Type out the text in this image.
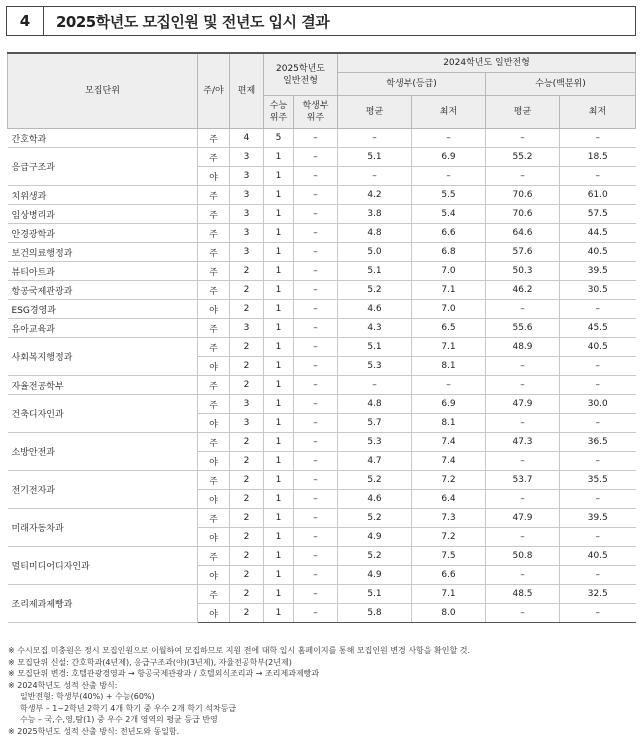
4	2025학년도 모집인원 및 전년도 입시 결과
모집단위	주/야	편제	2025학년도 일반전형		2024학년도 일반전형			
					학생부(등급)		수능(백분위)	
			수능 위주	학생부 위주	평균	최저	평균	최저
간호학과	주	4	5	–	–	–	–	–
응급구조과	주	3	1	–	5.1	6.9	55.2	18.5
	야	3	1	–	–	–	–	–
치위생과	주	3	1	–	4.2	5.5	70.6	61.0
임상병리과	주	3	1	–	3.8	5.4	70.6	57.5
안경광학과	주	3	1	–	4.8	6.6	64.6	44.5
보건의료행정과	주	3	1	–	5.0	6.8	57.6	40.5
뷰티아트과	주	2	1	–	5.1	7.0	50.3	39.5
항공국제관광과	주	2	1	–	5.2	7.1	46.2	30.5
ESG경영과	야	2	1	–	4.6	7.0	–	–
유아교육과	주	3	1	–	4.3	6.5	55.6	45.5
사회복지행정과	주	2	1	–	5.1	7.1	48.9	40.5
	야	2	1	–	5.3	8.1	–	–
자율전공학부	주	2	1	–	–	–	–	–
건축디자인과	주	3	1	–	4.8	6.9	47.9	30.0
	야	3	1	–	5.7	8.1	–	–
소방안전과	주	2	1	–	5.3	7.4	47.3	36.5
	야	2	1	–	4.7	7.4	–	–
전기전자과	주	2	1	–	5.2	7.2	53.7	35.5
	야	2	1	–	4.6	6.4	–	–
미래자동차과	주	2	1	–	5.2	7.3	47.9	39.5
	야	2	1	–	4.9	7.2	–	–
멀티미디어디자인과	주	2	1	–	5.2	7.5	50.8	40.5
	야	2	1	–	4.9	6.6	–	–
조리제과제빵과	주	2	1	–	5.1	7.1	48.5	32.5
	야	2	1	–	5.8	8.0	–	–
※ 수시모집 미충원은 정시 모집인원으로 이월하여 모집하므로 지원 전에 대학 입시 홈페이지를 통해 모집인원 변경 사항을 확인할 것.
※ 모집단위 신설: 간호학과(4년제), 응급구조과(야)(3년제), 자율전공학부(2년제)
※ 모집단위 변경: 호텔관광경영과 → 항공국제관광과 / 호텔외식조리과 → 조리제과제빵과
※ 2024학년도 성적 산출 방식:
일반전형: 학생부(40%) + 수능(60%)
학생부 – 1~2학년 2학기 4개 학기 중 우수 2개 학기 석차등급
수능 – 국,수,영,탐(1) 중 우수 2개 영역의 평균 등급 반영
※ 2025학년도 성적 산출 방식: 전년도와 동일함.
